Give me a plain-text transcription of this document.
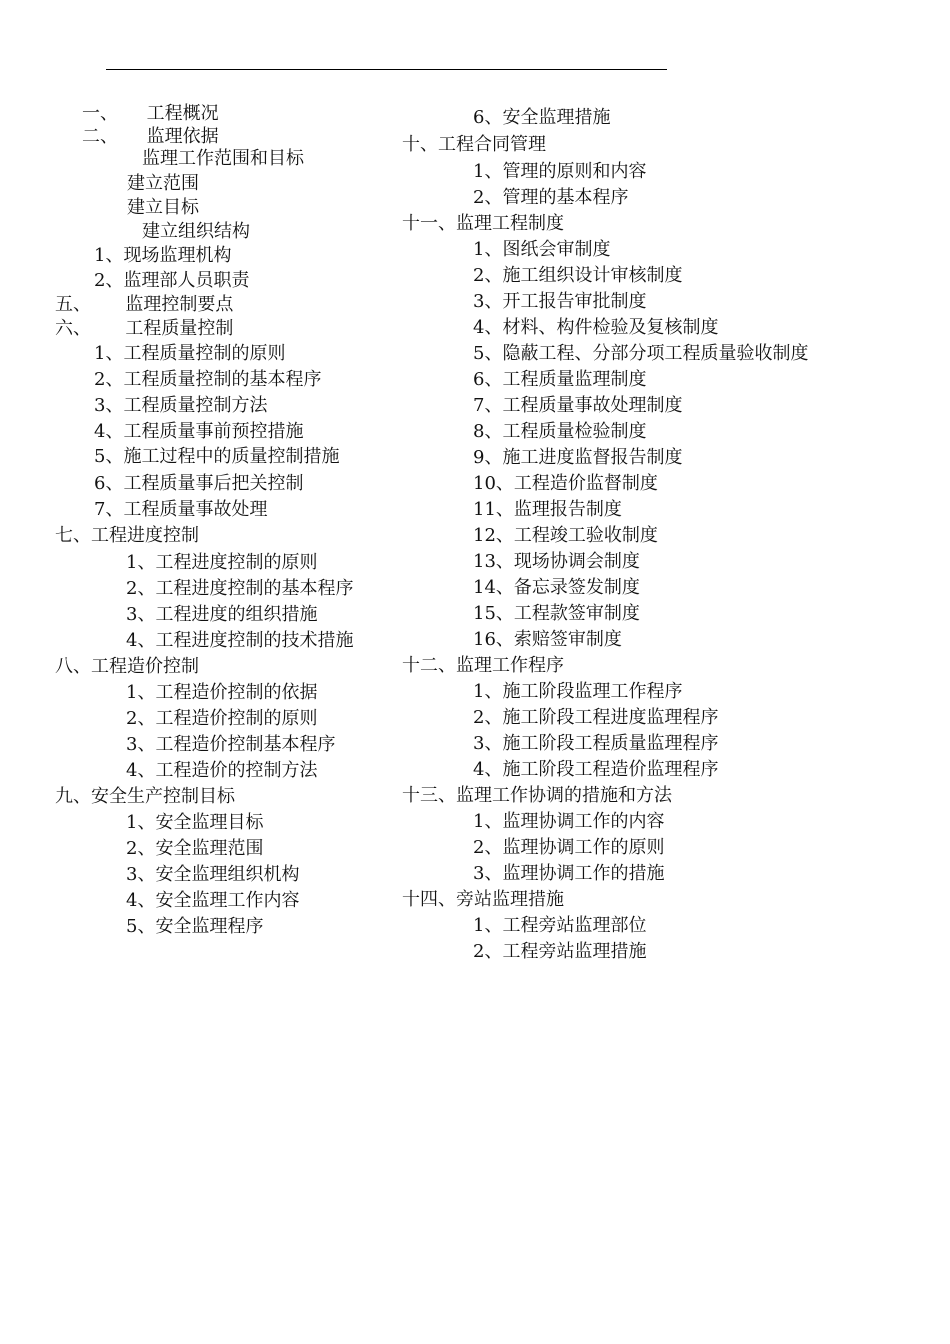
一、     工程概况
二、     监理依据
监理工作范围和目标
建立范围
建立目标
建立组织结构
1、现场监理机构
2、监理部人员职责
五、      监理控制要点
六、      工程质量控制
1、工程质量控制的原则
2、工程质量控制的基本程序
3、工程质量控制方法
4、工程质量事前预控措施
5、施工过程中的质量控制措施
6、工程质量事后把关控制
7、工程质量事故处理
七、工程进度控制
1、工程进度控制的原则
2、工程进度控制的基本程序
3、工程进度的组织措施
4、工程进度控制的技术措施
八、工程造价控制
1、工程造价控制的依据
2、工程造价控制的原则
3、工程造价控制基本程序
4、工程造价的控制方法
九、安全生产控制目标
1、安全监理目标
2、安全监理范围
3、安全监理组织机构
4、安全监理工作内容
5、安全监理程序
6、安全监理措施
十、工程合同管理
1、管理的原则和内容
2、管理的基本程序
十一、监理工程制度
1、图纸会审制度
2、施工组织设计审核制度
3、开工报告审批制度
4、材料、构件检验及复核制度
5、隐蔽工程、分部分项工程质量验收制度
6、工程质量监理制度
7、工程质量事故处理制度
8、工程质量检验制度
9、施工进度监督报告制度
10、工程造价监督制度
11、监理报告制度
12、工程竣工验收制度
13、现场协调会制度
14、备忘录签发制度
15、工程款签审制度
16、索赔签审制度
十二、监理工作程序
1、施工阶段监理工作程序
2、施工阶段工程进度监理程序
3、施工阶段工程质量监理程序
4、施工阶段工程造价监理程序
十三、监理工作协调的措施和方法
1、监理协调工作的内容
2、监理协调工作的原则
3、监理协调工作的措施
十四、旁站监理措施
1、工程旁站监理部位
2、工程旁站监理措施
